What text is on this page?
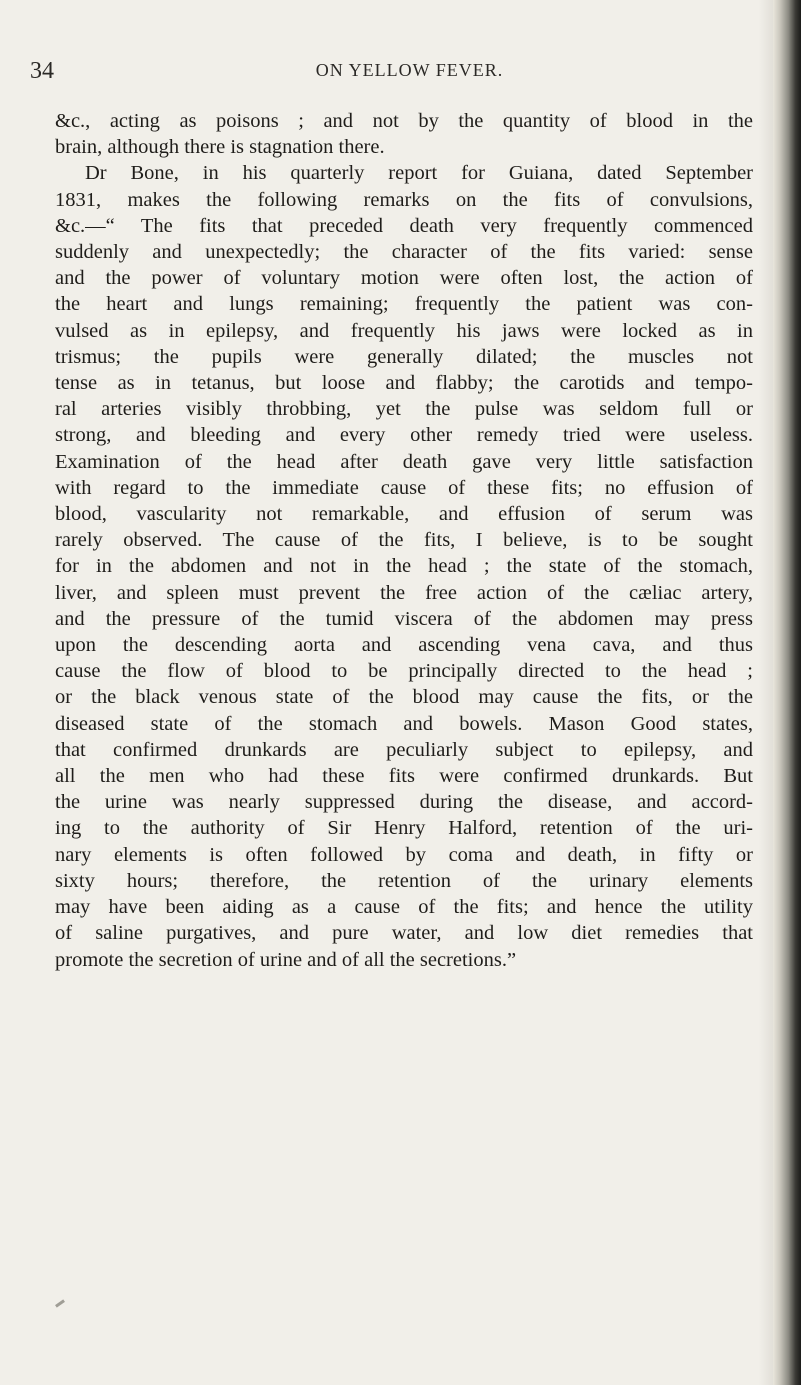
34	ON YELLOW FEVER.
&c., acting as poisons ; and not by the quantity of blood in the
brain, although there is stagnation there.
Dr Bone, in his quarterly report for Guiana, dated September
1831, makes the following remarks on the fits of convulsions,
&c.—“ The fits that preceded death very frequently commenced
suddenly and unexpectedly; the character of the fits varied: sense
and the power of voluntary motion were often lost, the action of
the heart and lungs remaining; frequently the patient was con-
vulsed as in epilepsy, and frequently his jaws were locked as in
trismus; the pupils were generally dilated; the muscles not
tense as in tetanus, but loose and flabby; the carotids and tempo-
ral arteries visibly throbbing, yet the pulse was seldom full or
strong, and bleeding and every other remedy tried were useless.
Examination of the head after death gave very little satisfaction
with regard to the immediate cause of these fits; no effusion of
blood, vascularity not remarkable, and effusion of serum was
rarely observed. The cause of the fits, I believe, is to be sought
for in the abdomen and not in the head ; the state of the stomach,
liver, and spleen must prevent the free action of the cæliac artery,
and the pressure of the tumid viscera of the abdomen may press
upon the descending aorta and ascending vena cava, and thus
cause the flow of blood to be principally directed to the head ;
or the black venous state of the blood may cause the fits, or the
diseased state of the stomach and bowels. Mason Good states,
that confirmed drunkards are peculiarly subject to epilepsy, and
all the men who had these fits were confirmed drunkards. But
the urine was nearly suppressed during the disease, and accord-
ing to the authority of Sir Henry Halford, retention of the uri-
nary elements is often followed by coma and death, in fifty or
sixty hours; therefore, the retention of the urinary elements
may have been aiding as a cause of the fits; and hence the utility
of saline purgatives, and pure water, and low diet remedies that
promote the secretion of urine and of all the secretions.”
